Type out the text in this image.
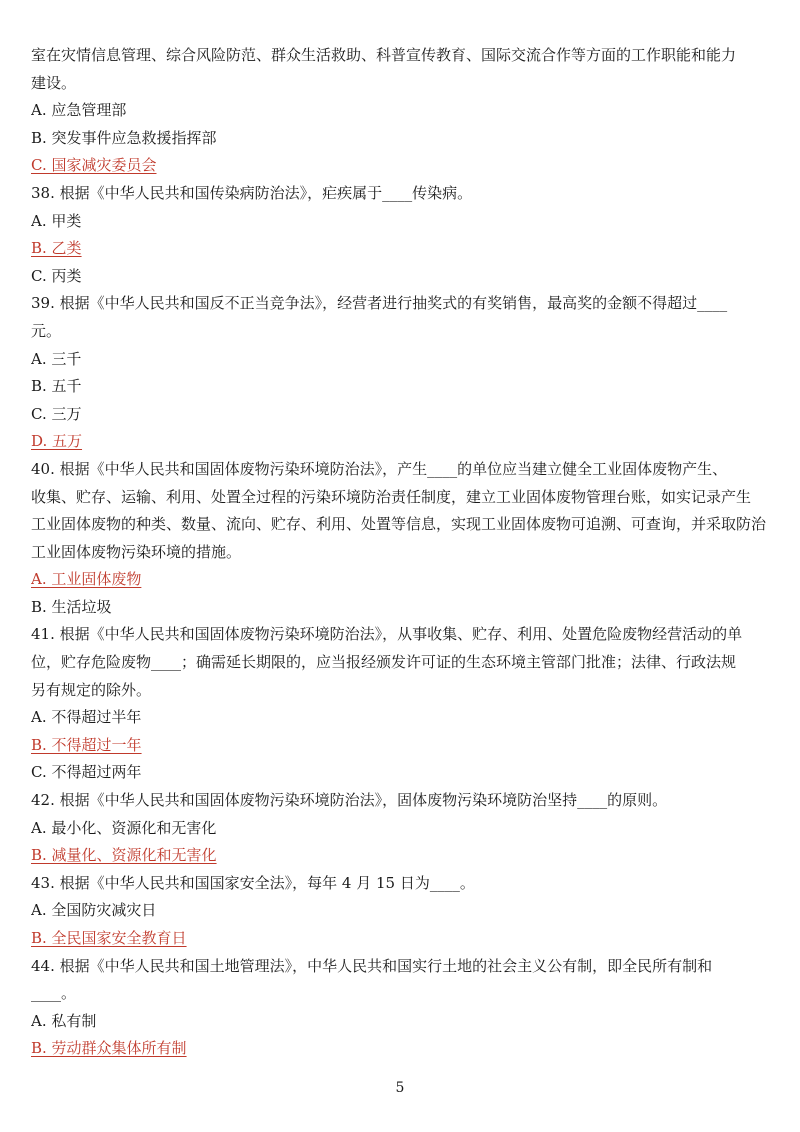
室在灾情信息管理、综合风险防范、群众生活救助、科普宣传教育、国际交流合作等方面的工作职能和能力
建设。
A. 应急管理部
B. 突发事件应急救援指挥部
C. 国家减灾委员会
38. 根据《中华人民共和国传染病防治法》，疟疾属于____传染病。
A. 甲类
B. 乙类
C. 丙类
39. 根据《中华人民共和国反不正当竞争法》，经营者进行抽奖式的有奖销售，最高奖的金额不得超过____
元。
A. 三千
B. 五千
C. 三万
D. 五万
40. 根据《中华人民共和国固体废物污染环境防治法》，产生____的单位应当建立健全工业固体废物产生、
收集、贮存、运输、利用、处置全过程的污染环境防治责任制度，建立工业固体废物管理台账，如实记录产生
工业固体废物的种类、数量、流向、贮存、利用、处置等信息，实现工业固体废物可追溯、可查询，并采取防治
工业固体废物污染环境的措施。
A. 工业固体废物
B. 生活垃圾
41. 根据《中华人民共和国固体废物污染环境防治法》，从事收集、贮存、利用、处置危险废物经营活动的单
位，贮存危险废物____；确需延长期限的，应当报经颁发许可证的生态环境主管部门批准；法律、行政法规
另有规定的除外。
A. 不得超过半年
B. 不得超过一年
C. 不得超过两年
42. 根据《中华人民共和国固体废物污染环境防治法》，固体废物污染环境防治坚持____的原则。
A. 最小化、资源化和无害化
B. 减量化、资源化和无害化
43. 根据《中华人民共和国国家安全法》，每年 4 月 15 日为____。
A. 全国防灾减灾日
B. 全民国家安全教育日
44. 根据《中华人民共和国土地管理法》，中华人民共和国实行土地的社会主义公有制，即全民所有制和
____。
A. 私有制
B. 劳动群众集体所有制
5
